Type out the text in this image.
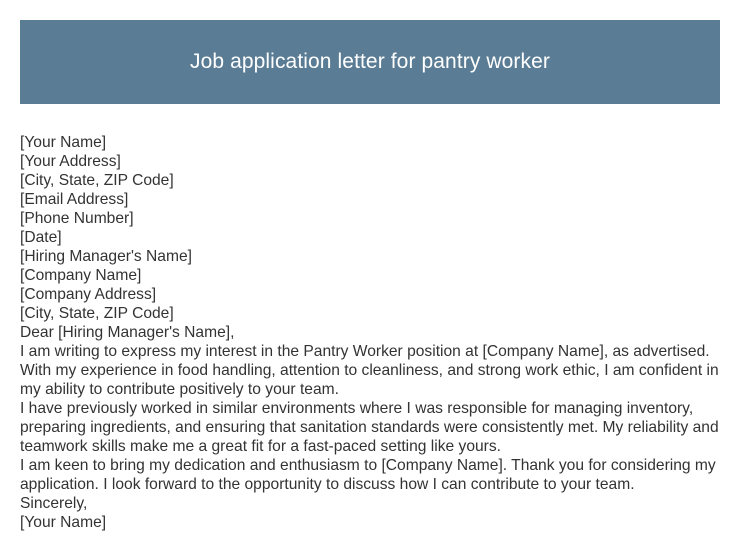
Job application letter for pantry worker

[Your Name]

[Your Address]

[City, State, ZIP Code]

[Email Address]

[Phone Number]

[Date]

[Hiring Manager's Name]

[Company Name]

[Company Address]

[City, State, ZIP Code]

Dear [Hiring Manager's Name],

I am writing to express my interest in the Pantry Worker position at [Company Name], as advertised. With my experience in food handling, attention to cleanliness, and strong work ethic, I am confident in my ability to contribute positively to your team.

I have previously worked in similar environments where I was responsible for managing inventory, preparing ingredients, and ensuring that sanitation standards were consistently met. My reliability and teamwork skills make me a great fit for a fast-paced setting like yours.

I am keen to bring my dedication and enthusiasm to [Company Name]. Thank you for considering my application. I look forward to the opportunity to discuss how I can contribute to your team.

Sincerely,

[Your Name]
